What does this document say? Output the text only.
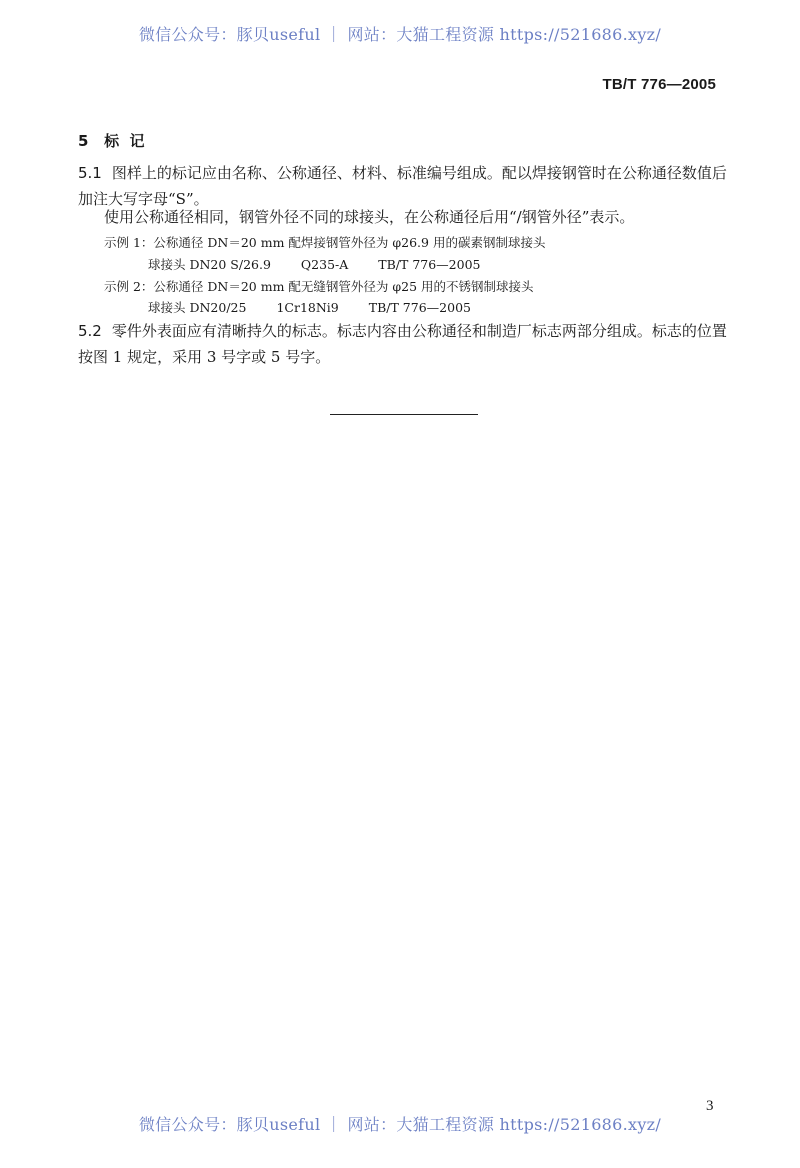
微信公众号：豚贝useful ｜ 网站：大猫工程资源 https://521686.xyz/
TB/T 776—2005
5 标  记
5.1 图样上的标记应由名称、公称通径、材料、标准编号组成。配以焊接钢管时在公称通径数值后加注大写字母“S”。
使用公称通径相同，钢管外径不同的球接头，在公称通径后用“/钢管外径”表示。
示例 1：公称通径 DN＝20 mm 配焊接钢管外径为 φ26.9 用的碳素钢制球接头
球接头 DN20 S/26.9 Q235-A TB/T 776—2005
示例 2：公称通径 DN＝20 mm 配无缝钢管外径为 φ25 用的不锈钢制球接头
球接头 DN20/25 1Cr18Ni9 TB/T 776—2005
5.2 零件外表面应有清晰持久的标志。标志内容由公称通径和制造厂标志两部分组成。标志的位置按图 1 规定，采用 3 号字或 5 号字。
3
微信公众号：豚贝useful ｜ 网站：大猫工程资源 https://521686.xyz/
